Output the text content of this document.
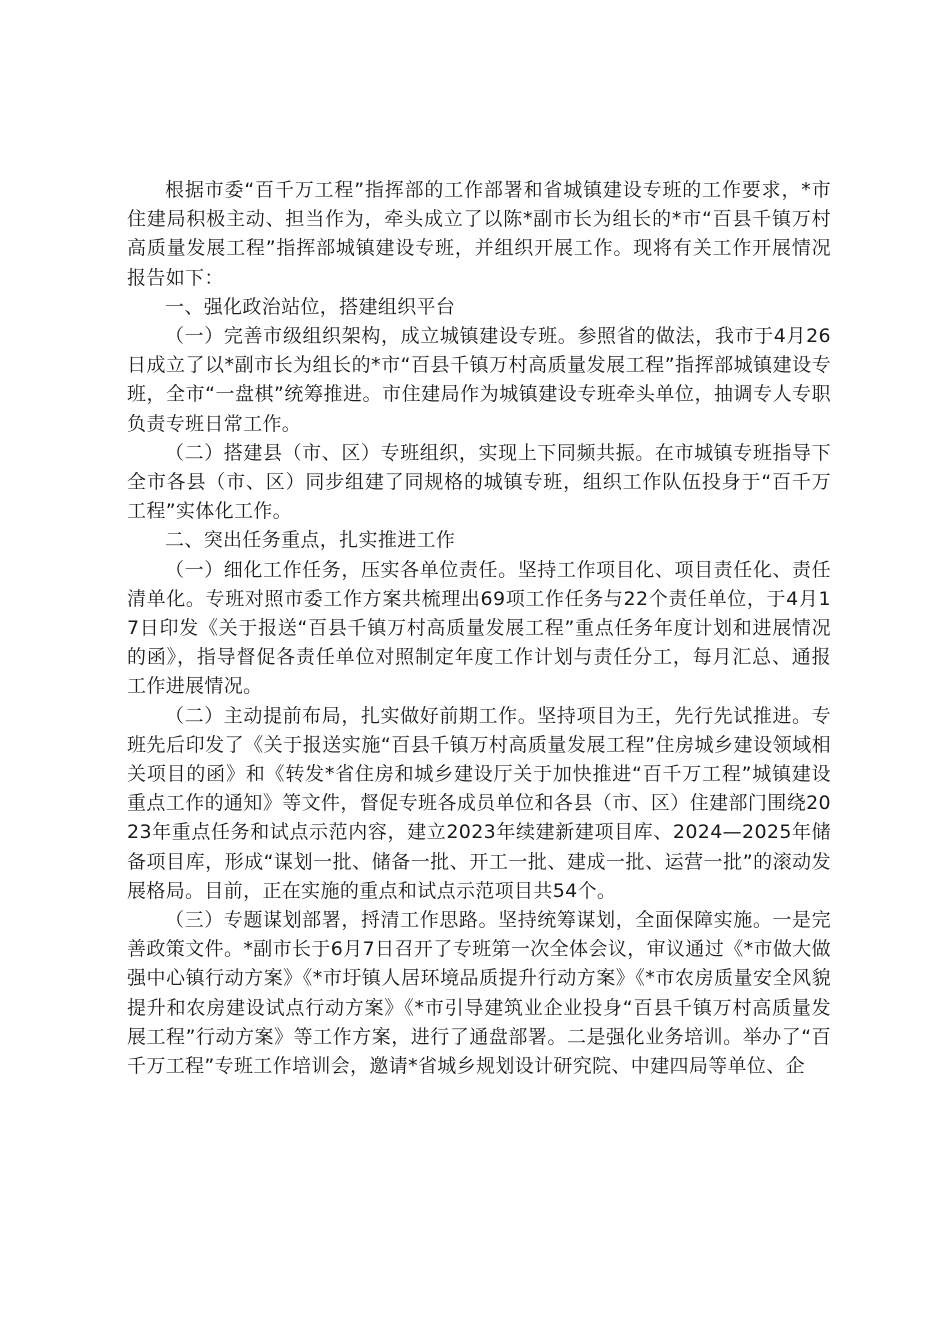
根据市委“百千万工程”指挥部的工作部署和省城镇建设专班的工作要求，*市住建局积极主动、担当作为，牵头成立了以陈*副市长为组长的*市“百县千镇万村高质量发展工程”指挥部城镇建设专班，并组织开展工作。现将有关工作开展情况报告如下：

一、强化政治站位，搭建组织平台

（一）完善市级组织架构，成立城镇建设专班。参照省的做法，我市于4月26日成立了以*副市长为组长的*市“百县千镇万村高质量发展工程”指挥部城镇建设专班，全市“一盘棋”统筹推进。市住建局作为城镇建设专班牵头单位，抽调专人专职负责专班日常工作。

（二）搭建县（市、区）专班组织，实现上下同频共振。在市城镇专班指导下全市各县（市、区）同步组建了同规格的城镇专班，组织工作队伍投身于“百千万工程”实体化工作。

二、突出任务重点，扎实推进工作

（一）细化工作任务，压实各单位责任。坚持工作项目化、项目责任化、责任清单化。专班对照市委工作方案共梳理出69项工作任务与22个责任单位，于4月17日印发《关于报送“百县千镇万村高质量发展工程”重点任务年度计划和进展情况的函》，指导督促各责任单位对照制定年度工作计划与责任分工，每月汇总、通报工作进展情况。

（二）主动提前布局，扎实做好前期工作。坚持项目为王，先行先试推进。专班先后印发了《关于报送实施“百县千镇万村高质量发展工程”住房城乡建设领域相关项目的函》和《转发*省住房和城乡建设厅关于加快推进“百千万工程”城镇建设重点工作的通知》等文件，督促专班各成员单位和各县（市、区）住建部门围绕2023年重点任务和试点示范内容，建立2023年续建新建项目库、2024—2025年储备项目库，形成“谋划一批、储备一批、开工一批、建成一批、运营一批”的滚动发展格局。目前，正在实施的重点和试点示范项目共54个。

（三）专题谋划部署，捋清工作思路。坚持统筹谋划，全面保障实施。一是完善政策文件。*副市长于6月7日召开了专班第一次全体会议，审议通过《*市做大做强中心镇行动方案》《*市圩镇人居环境品质提升行动方案》《*市农房质量安全风貌提升和农房建设试点行动方案》《*市引导建筑业企业投身“百县千镇万村高质量发展工程”行动方案》等工作方案，进行了通盘部署。二是强化业务培训。举办了“百千万工程”专班工作培训会，邀请*省城乡规划设计研究院、中建四局等单位、企
